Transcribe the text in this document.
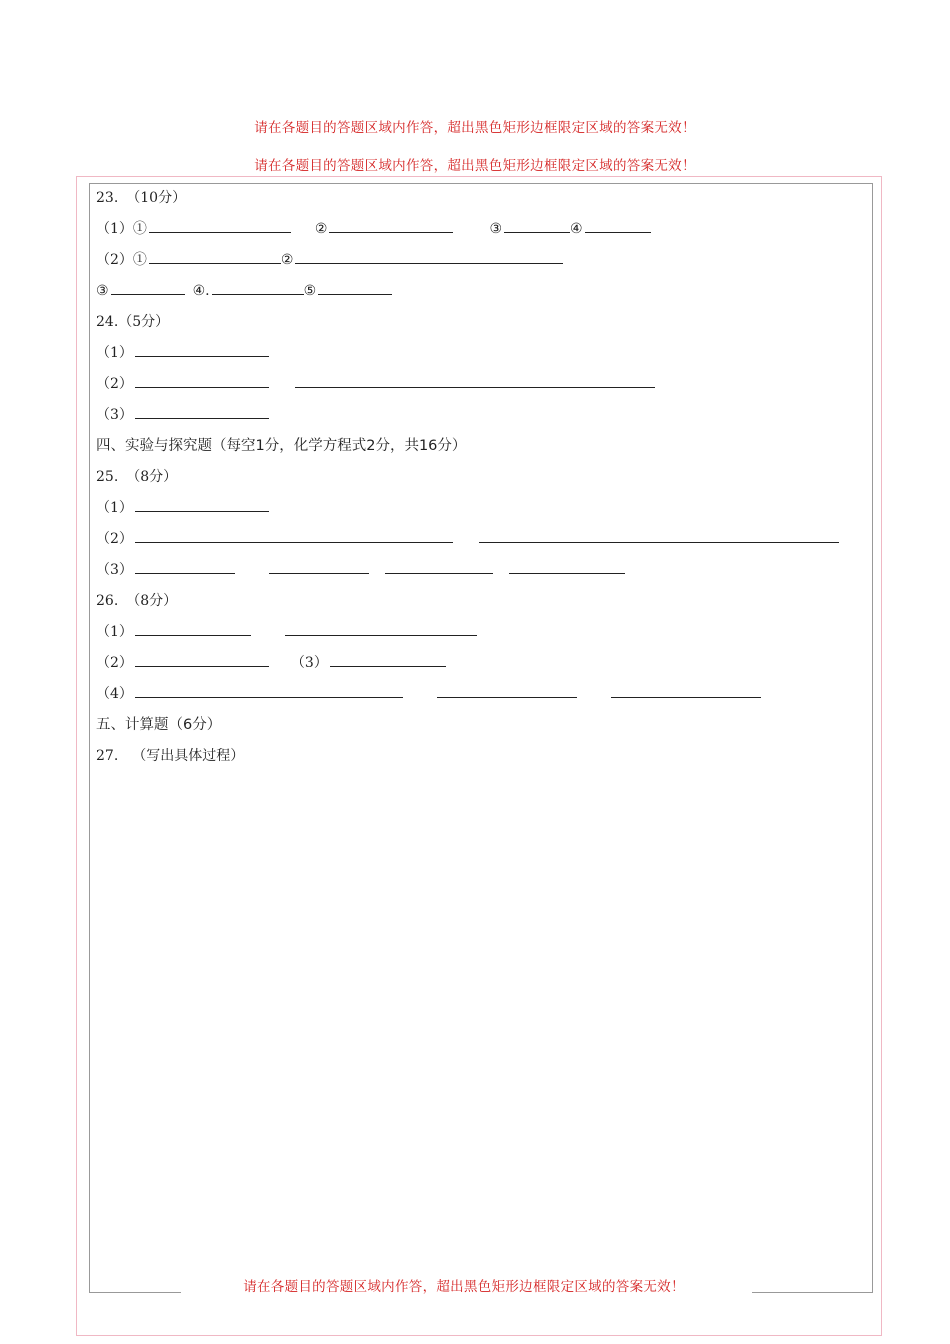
请在各题目的答题区域内作答，超出黑色矩形边框限定区域的答案无效！
请在各题目的答题区域内作答，超出黑色矩形边框限定区域的答案无效！
请在各题目的答题区域内作答，超出黑色矩形边框限定区域的答案无效！
23. （10分）
（1）①	②	③	④
（2）①	②
③	④.	⑤
24.（5分）
（1）
（2）
（3）
四、实验与探究题（每空1分，化学方程式2分，共16分）
25. （8分）
（1）
（2）
（3）
26. （8分）
（1）
（2）	（3）
（4）
五、计算题（6分）
27. （写出具体过程）
